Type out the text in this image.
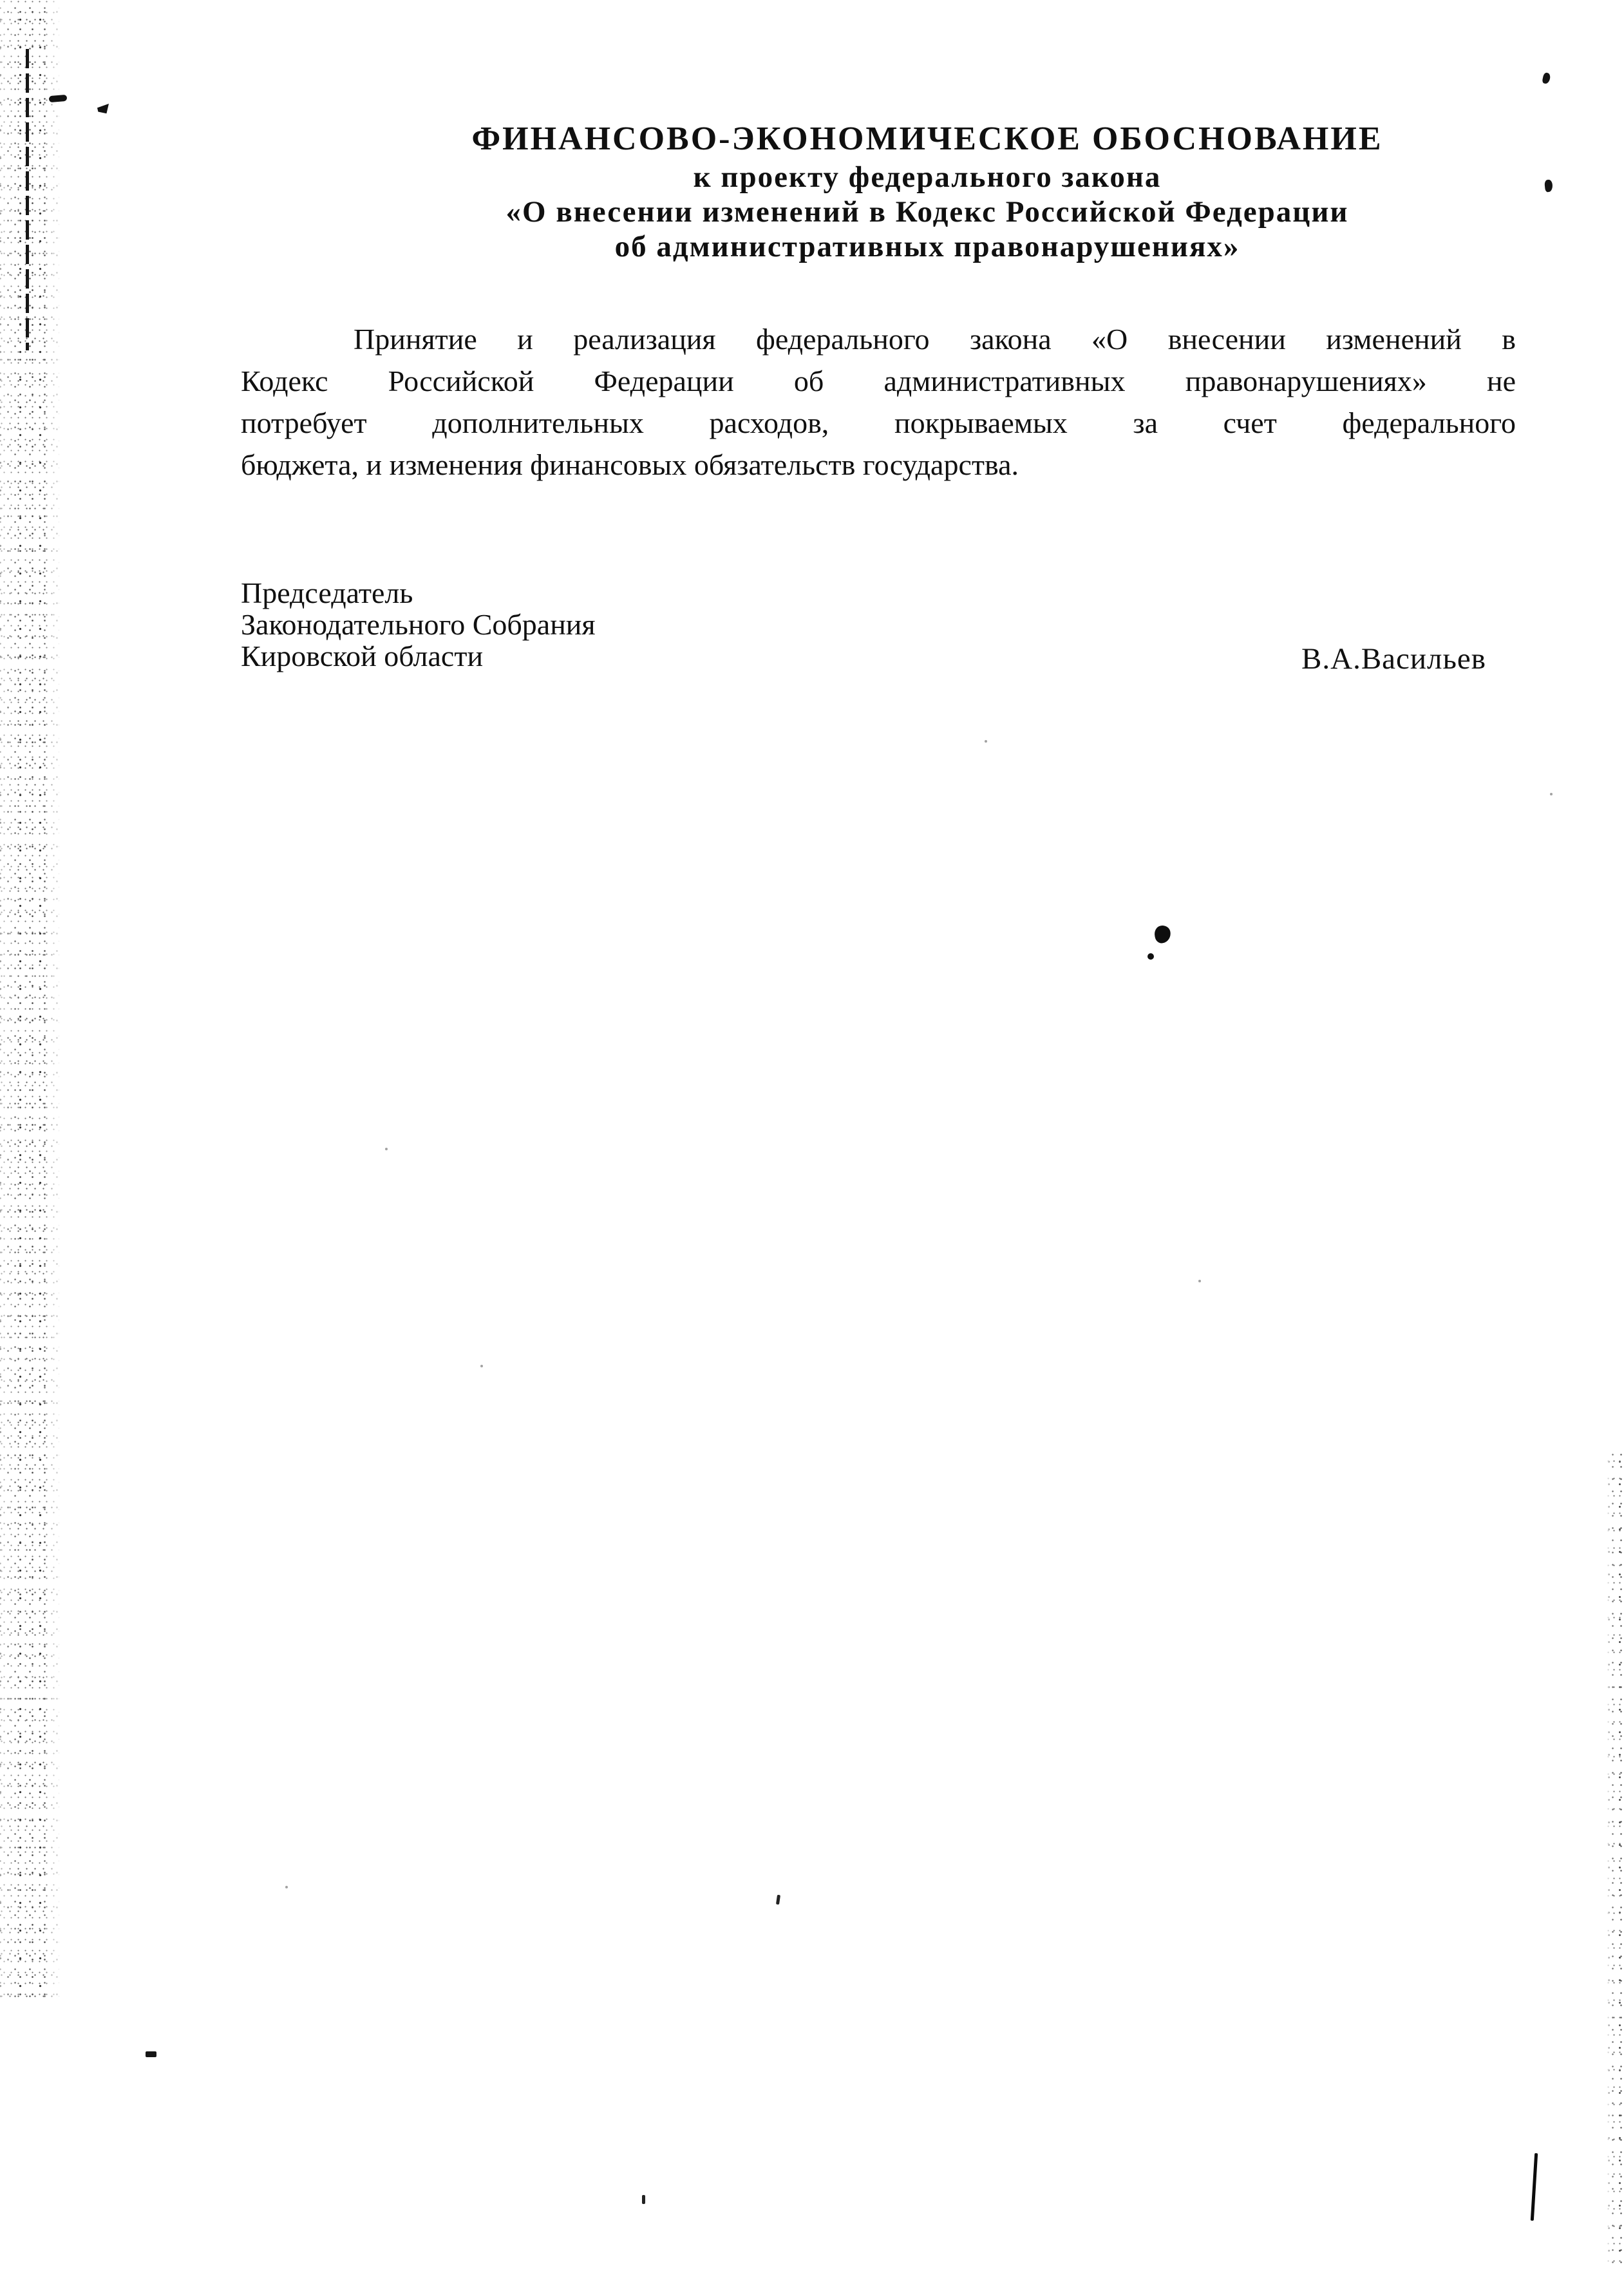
ФИНАНСОВО-ЭКОНОМИЧЕСКОЕ ОБОСНОВАНИЕ
к проекту федерального закона
«О внесении изменений в Кодекс Российской Федерации
об административных правонарушениях»
Принятие и реализация федерального закона «О внесении изменений в
Кодекс Российской Федерации об административных правонарушениях» не
потребует дополнительных расходов, покрываемых за счет федерального
бюджета, и изменения финансовых обязательств государства.
Председатель
Законодательного Собрания
Кировской области	В.А.Васильев
